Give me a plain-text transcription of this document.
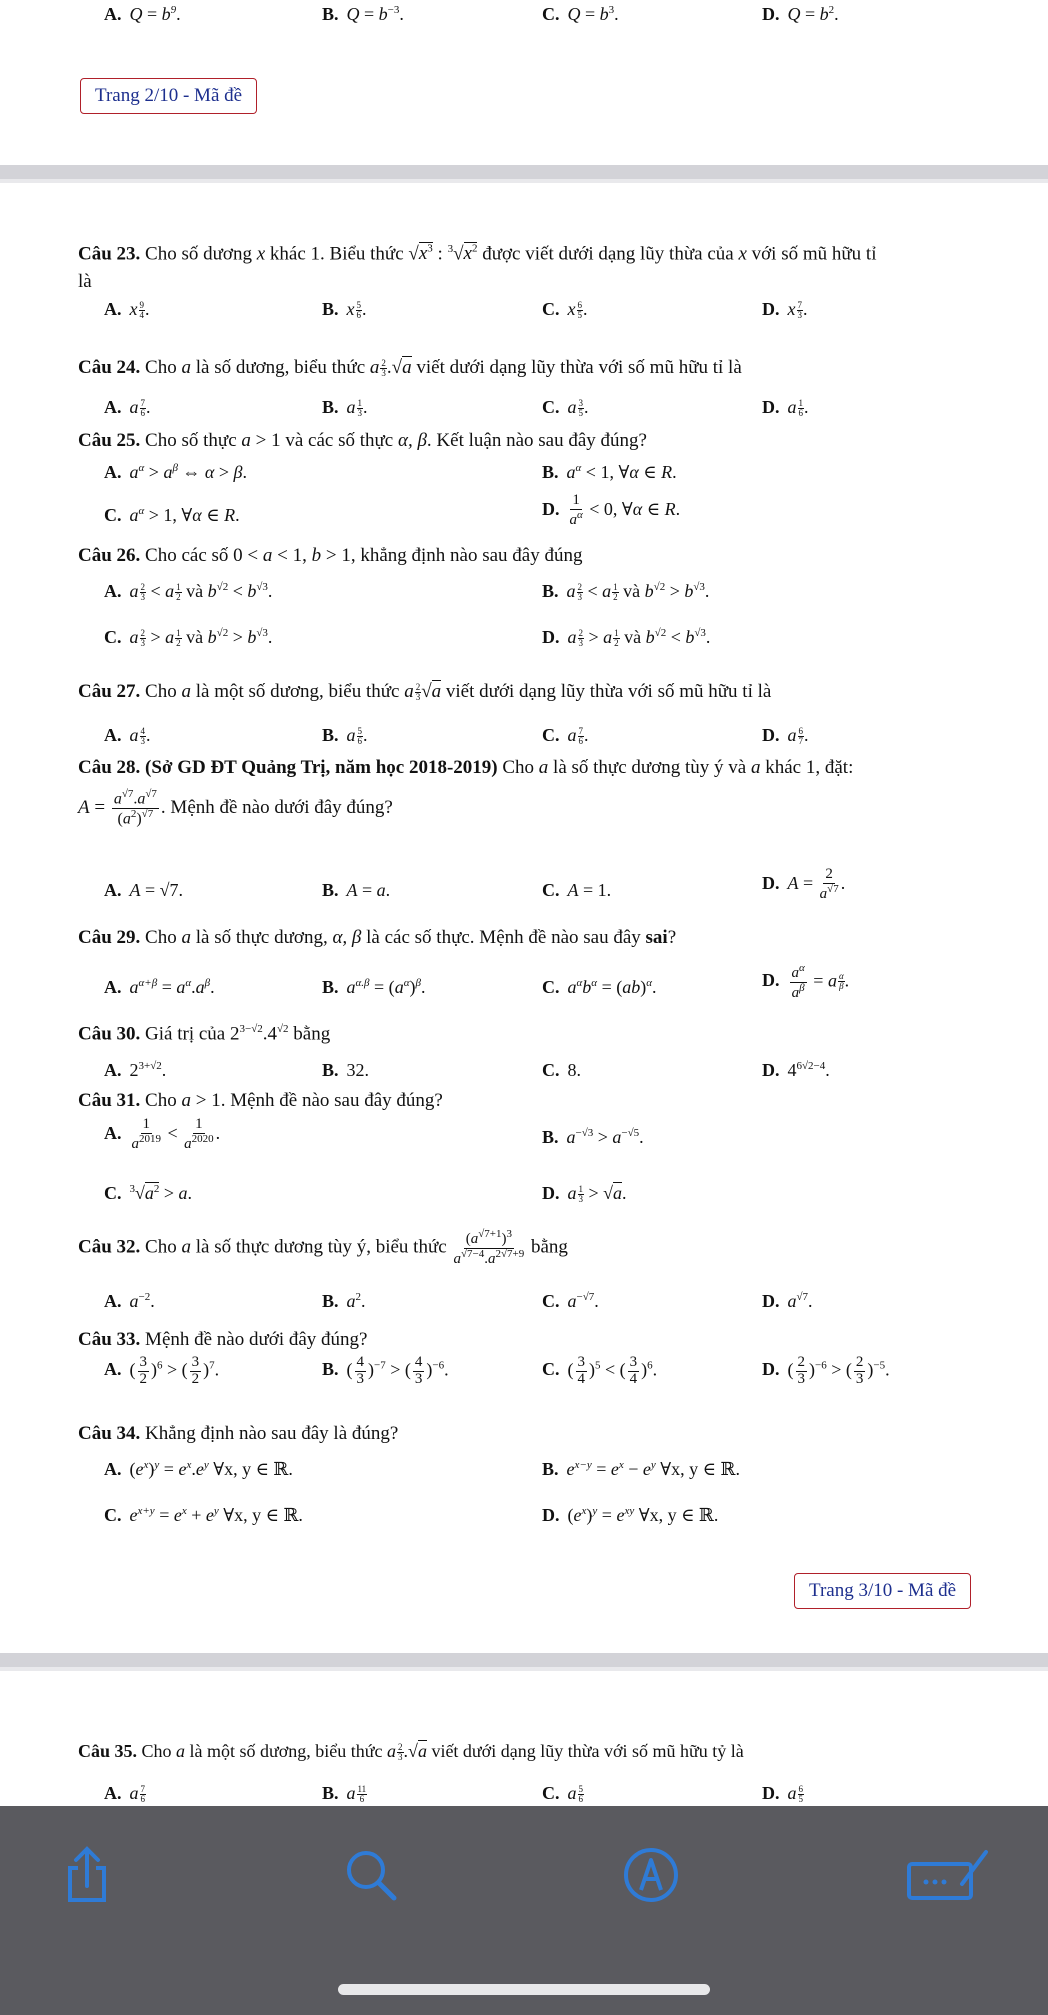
A. $Q = b^9$.	B. $Q = b^{-3}$.	C. $Q = b^3$.	D. $Q = b^2$.
Trang 2/10 - Mã đề
Câu 23. Cho số dương x khác 1. Biểu thức $√x^3$ : $^3√x^2$ được viết dưới dạng lũy thừa của x với số mũ hữu tỉ
là
A. x $\frac{9}{4}$ .	B. x $\frac{5}{6}$ .	C. x $\frac{6}{5}$ .	D. x $\frac{7}{3}$ .
Câu 24. Cho a là số dương, biểu thức a $\frac{2}{3} .√a$ viết dưới dạng lũy thừa với số mũ hữu tỉ là
A. a $\frac{7}{6}$ .	B. a $\frac{1}{3}$ .	C. a $\frac{3}{5}$ .	D. a $\frac{1}{6}$ .
Câu 25. Cho số thực a > 1 và các số thực α, β. Kết luận nào sau đây đúng?
A. $a^\alpha > a^\beta$ ⇔ α > β.	B. $a^\alpha < 1$, ∀α ∈ R.
C. $a^\alpha > 1$, ∀α ∈ R.	D. $\frac{1}{a^\alpha} < 0$, ∀α ∈ R.
Câu 26. Cho các số 0 < a < 1, b > 1, khẳng định nào sau đây đúng
A. a $\frac{2}{3} < a \frac{1}{2}$ và $b^{√2} < b^{√3}$.	B. a $\frac{2}{3} < a \frac{1}{2}$ và $b^{√2} > b^{√3}$.
C. a $\frac{2}{3} > a \frac{1}{2}$ và $b^{√2} > b^{√3}$.	D. a $\frac{2}{3} > a \frac{1}{2}$ và $b^{√2} < b^{√3}$.
Câu 27. Cho a là một số dương, biểu thức a $\frac{2}{3} √a$ viết dưới dạng lũy thừa với số mũ hữu tỉ là
A. a $\frac{4}{3}$ .	B. a $\frac{5}{6}$ .	C. a $\frac{7}{6}$ .	D. a $\frac{6}{7}$ .
Câu 28. (Sở GD ĐT Quảng Trị, năm học 2018-2019) Cho a là số thực dương tùy ý và a khác 1, đặt:
$A = \frac{a^{√7}.a^{√7}}{(a^2)^{√7}}$ . Mệnh đề nào dưới đây đúng?
A. A = √7.	B. A = a.	C. A = 1.	D. $A = \frac{2}{a^{√7}}$ .
Câu 29. Cho a là số thực dương, α, β là các số thực. Mệnh đề nào sau đây sai?
A. $a^{\alpha+\beta} = a^\alpha.a^\beta$.	B. $a^{\alpha.\beta} = (a^\alpha)^\beta$.	C. $a^\alpha b^\alpha = (ab)^\alpha$.	D. $\frac{a^\alpha}{a^\beta} = a \frac{\alpha}{\beta}$ .
Câu 30. Giá trị của $2^{3-√2}.4^{√2}$ bằng
A. $2^{3+√2}$.	B. 32.	C. 8.	D. $4^{6√2-4}$.
Câu 31. Cho a > 1. Mệnh đề nào sau đây đúng?
A. $\frac{1}{a^{2019}} < \frac{1}{a^{2020}}$ .	B. $a^{-√3} > a^{-√5}$.
C. $^3√a^2 > a$.	D. a $\frac{1}{3} > √a$.
Câu 32. Cho a là số thực dương tùy ý, biểu thức $\frac{(a^{√7+1})^3}{a^{√7-4}.a^{2√7+9}}$ bằng
A. $a^{-2}$.	B. $a^2$.	C. $a^{-√7}$.	D. $a^{√7}$.
Câu 33. Mệnh đề nào dưới đây đúng?
A. ( $\frac{3}{2} )^6$ > ( $\frac{3}{2} )^7$.	B. ( $\frac{4}{3} )^{-7}$ > ( $\frac{4}{3} )^{-6}$.	C. ( $\frac{3}{4} )^5$ < ( $\frac{3}{4} )^6$.	D. ( $\frac{2}{3} )^{-6}$ > ( $\frac{2}{3} )^{-5}$.
Câu 34. Khẳng định nào sau đây là đúng?
A. $(e^x)^y = e^x.e^y$ ∀x, y ∈ ℝ.	B. $e^{x-y} = e^x - e^y$ ∀x, y ∈ ℝ.
C. $e^{x+y} = e^x + e^y$ ∀x, y ∈ ℝ.	D. $(e^x)^y = e^{xy}$ ∀x, y ∈ ℝ.
Trang 3/10 - Mã đề
Câu 35. Cho a là một số dương, biểu thức a $\frac{2}{3} .√a$ viết dưới dạng lũy thừa với số mũ hữu tỷ là
A. a $\frac{7}{6}$	B. a $\frac{11}{6}$	C. a $\frac{5}{6}$	D. a $\frac{6}{5}$
